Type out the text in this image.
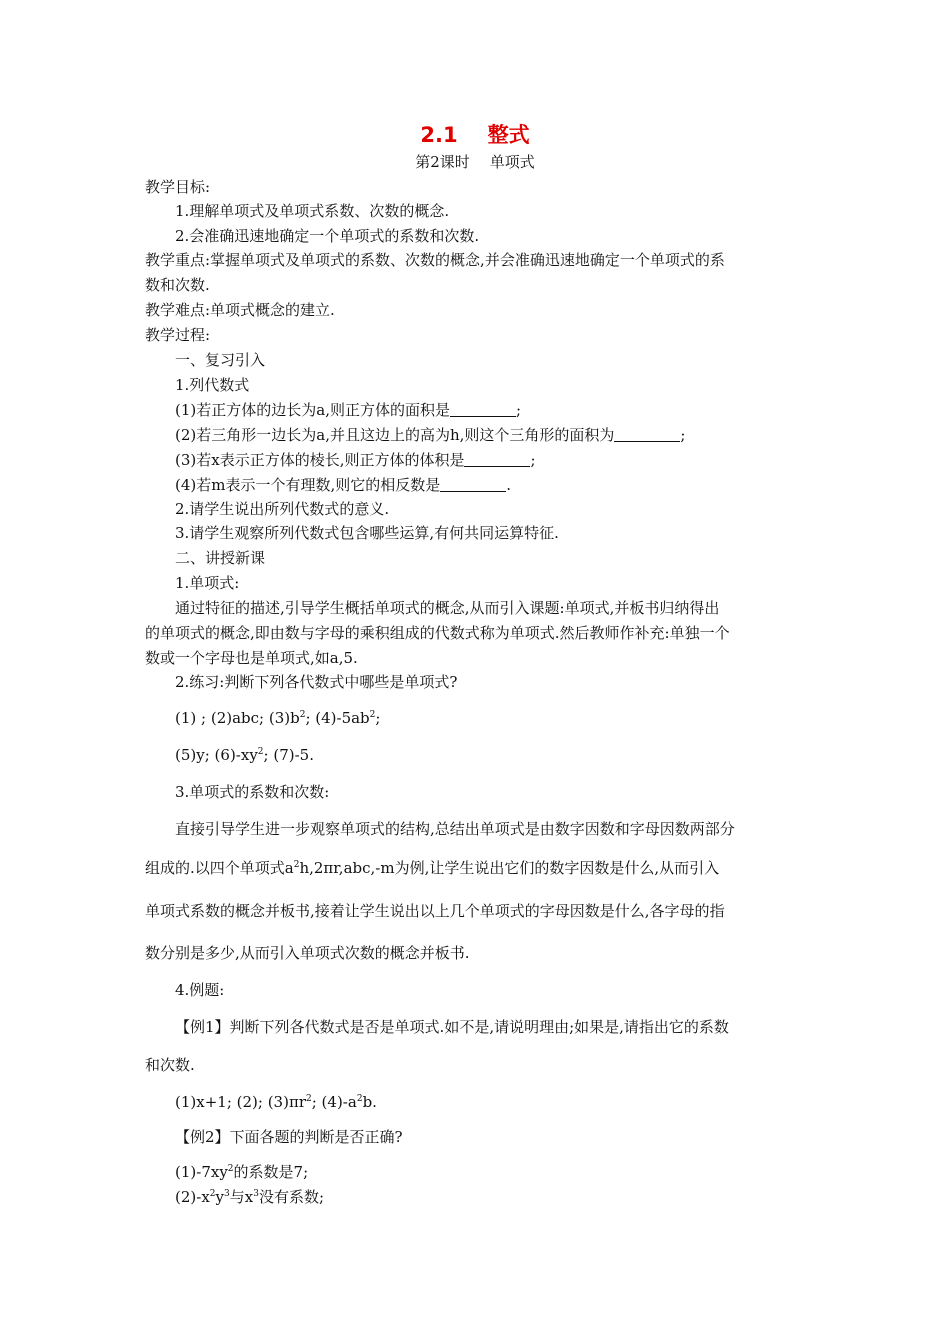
2.1 整式
第2课时 单项式
教学目标:
1.理解单项式及单项式系数、次数的概念.
2.会准确迅速地确定一个单项式的系数和次数.
教学重点:掌握单项式及单项式的系数、次数的概念,并会准确迅速地确定一个单项式的系
数和次数.
教学难点:单项式概念的建立.
教学过程:
一、复习引入
1.列代数式
(1)若正方体的边长为a,则正方体的面积是	;
(2)若三角形一边长为a,并且这边上的高为h,则这个三角形的面积为	;
(3)若x表示正方体的棱长,则正方体的体积是	;
(4)若m表示一个有理数,则它的相反数是	.
2.请学生说出所列代数式的意义.
3.请学生观察所列代数式包含哪些运算,有何共同运算特征.
二、讲授新课
1.单项式:
通过特征的描述,引导学生概括单项式的概念,从而引入课题:单项式,并板书归纳得出
的单项式的概念,即由数与字母的乘积组成的代数式称为单项式.然后教师作补充:单独一个
数或一个字母也是单项式,如a,5.
2.练习:判断下列各代数式中哪些是单项式?
(1) ; (2)abc; $(3)b^2$; $(4)-5ab^2$;
(5)y; $(6)-xy^2$; (7)-5.
3.单项式的系数和次数:
直接引导学生进一步观察单项式的结构,总结出单项式是由数字因数和字母因数两部分
组成的.以四个单项式$a^2h,2\pi r,abc,-m$为例,让学生说出它们的数字因数是什么,从而引入
单项式系数的概念并板书,接着让学生说出以上几个单项式的字母因数是什么,各字母的指
数分别是多少,从而引入单项式次数的概念并板书.
4.例题:
【例1】判断下列各代数式是否是单项式.如不是,请说明理由;如果是,请指出它的系数
和次数.
(1)x+1; (2); $(3)\pi r^2$; $(4)-a^2b$.
【例2】下面各题的判断是否正确?
$(1)-7xy^2$的系数是7;
$(2)-x^2y^3$与$x^3$没有系数;
